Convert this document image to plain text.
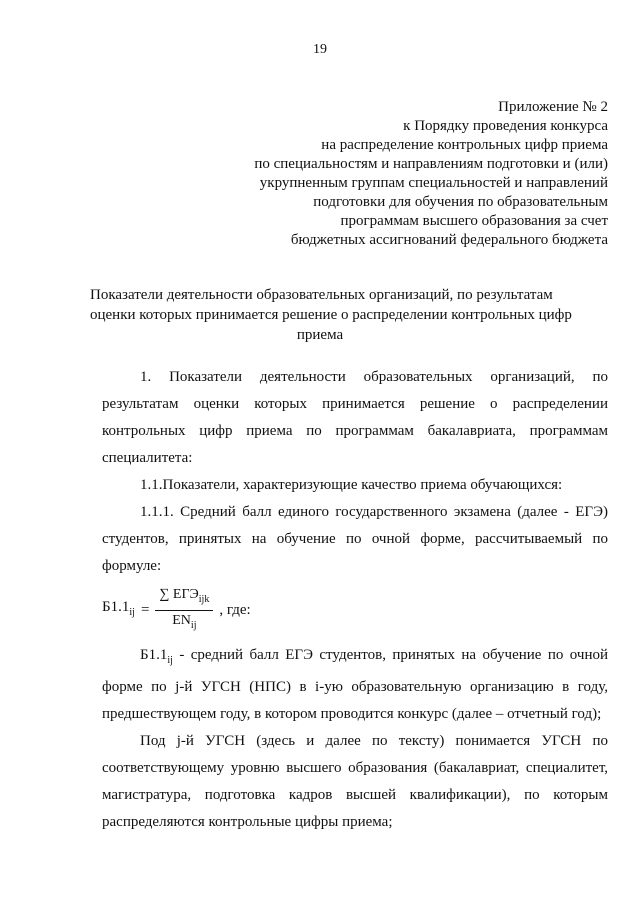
19
Приложение № 2
к Порядку проведения конкурса
на распределение контрольных цифр приема
по специальностям и направлениям подготовки и (или)
укрупненным группам специальностей и направлений
подготовки для обучения по образовательным
программам высшего образования за счет
бюджетных ассигнований федерального бюджета
Показатели деятельности образовательных организаций, по результатам
оценки которых принимается решение о распределении контрольных цифр
приема
1. Показатели деятельности образовательных организаций, по
результатам оценки которых принимается решение о распределении
контрольных цифр приема по программам бакалавриата, программам
специалитета:
1.1.Показатели, характеризующие качество приема обучающихся:
1.1.1. Средний балл единого государственного экзамена (далее - ЕГЭ)
студентов, принятых на обучение по очной форме, рассчитываемый по
формуле:
$Б1.1_{ij} = \frac{\sum ЕГЭ_{ijk}}{EN_{ij}}$ , где:
$Б1.1_{ij}$ - средний балл ЕГЭ студентов, принятых на обучение по очной
форме по j-й УГСН (НПС) в i-ую образовательную организацию в году,
предшествующем году, в котором проводится конкурс (далее – отчетный год);
Под j-й УГСН (здесь и далее по тексту) понимается УГСН по
соответствующему уровню высшего образования (бакалавриат, специалитет,
магистратура, подготовка кадров высшей квалификации), по которым
распределяются контрольные цифры приема;
